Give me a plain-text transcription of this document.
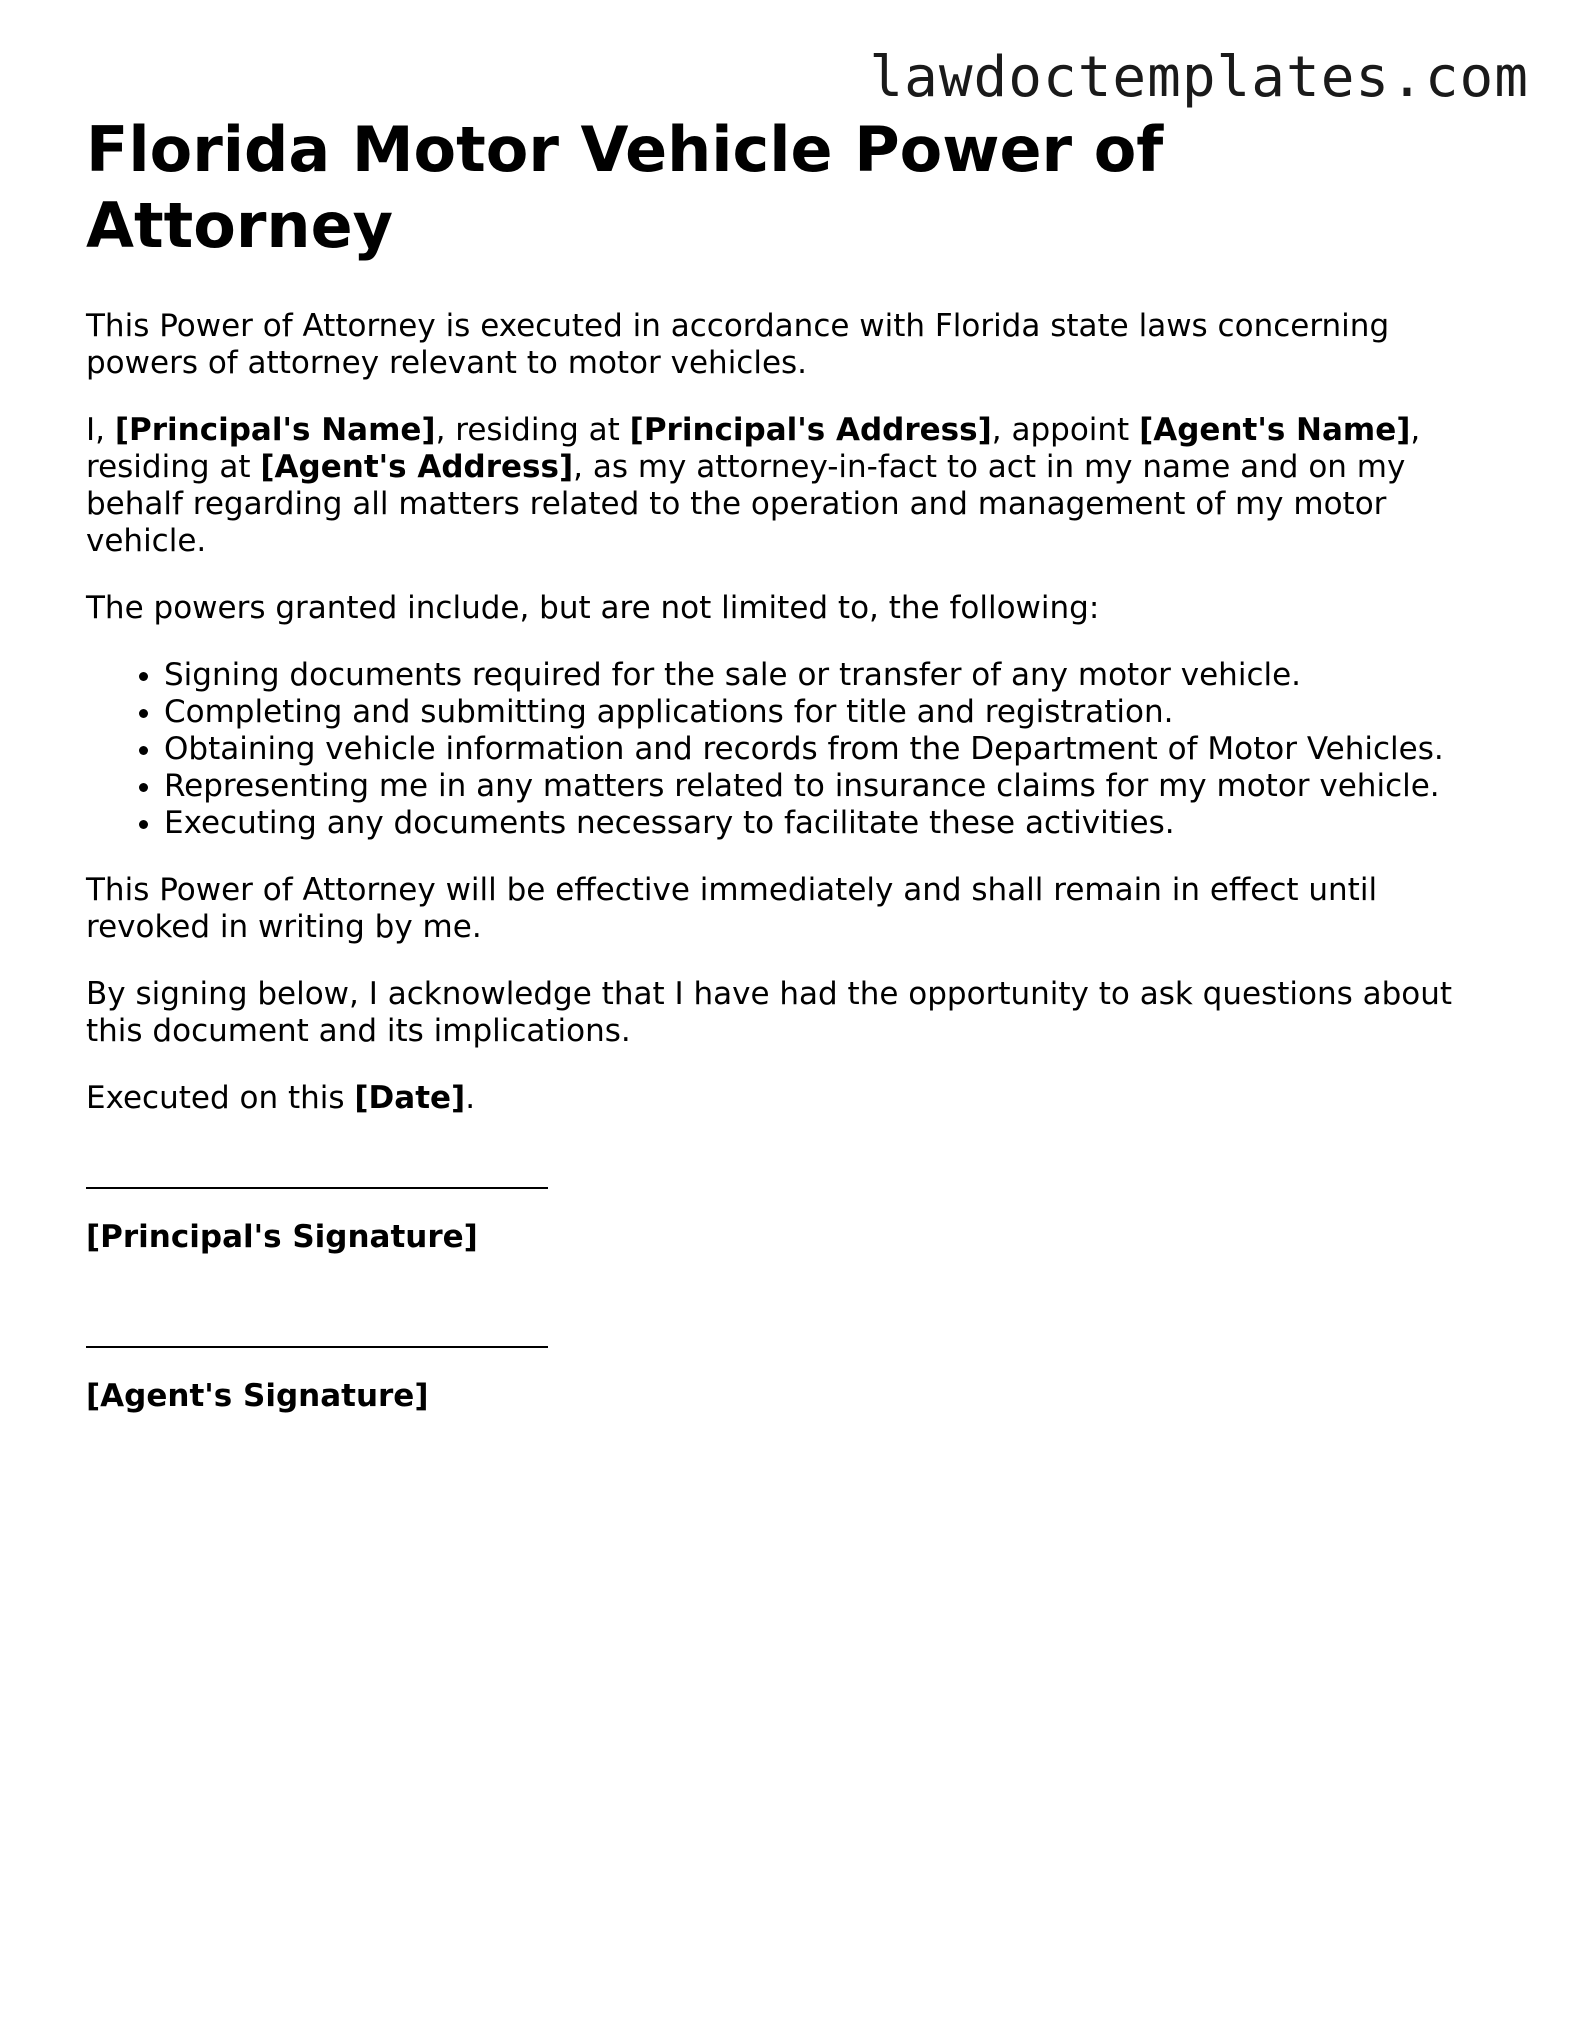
lawdoctemplates.com
Florida Motor Vehicle Power of Attorney

This Power of Attorney is executed in accordance with Florida state laws concerning powers of attorney relevant to motor vehicles.

I, [Principal's Name], residing at [Principal's Address], appoint [Agent's Name], residing at [Agent's Address], as my attorney-in-fact to act in my name and on my behalf regarding all matters related to the operation and management of my motor vehicle.

The powers granted include, but are not limited to, the following:

• Signing documents required for the sale or transfer of any motor vehicle.
• Completing and submitting applications for title and registration.
• Obtaining vehicle information and records from the Department of Motor Vehicles.
• Representing me in any matters related to insurance claims for my motor vehicle.
• Executing any documents necessary to facilitate these activities.

This Power of Attorney will be effective immediately and shall remain in effect until revoked in writing by me.

By signing below, I acknowledge that I have had the opportunity to ask questions about this document and its implications.

Executed on this [Date].

[Principal's Signature]
[Agent's Signature]
